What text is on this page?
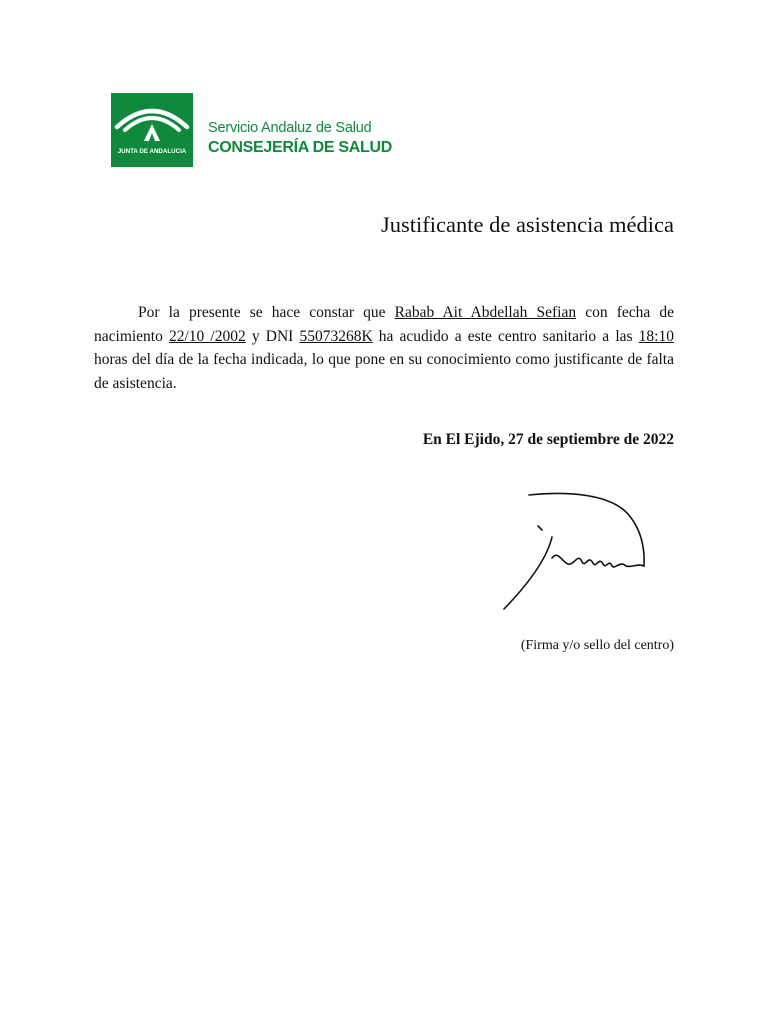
JUNTA DE ANDALUCIA
Servicio Andaluz de Salud
CONSEJERÍA DE SALUD
Justificante de asistencia médica

Por la presente se hace constar que Rabab Ait Abdellah Sefian con fecha de nacimiento 22/10 /2002 y DNI 55073268K ha acudido a este centro sanitario a las 18:10 horas del día de la fecha indicada, lo que pone en su conocimiento como justificante de falta de asistencia.

En El Ejido, 27 de septiembre de 2022
(Firma y/o sello del centro)
